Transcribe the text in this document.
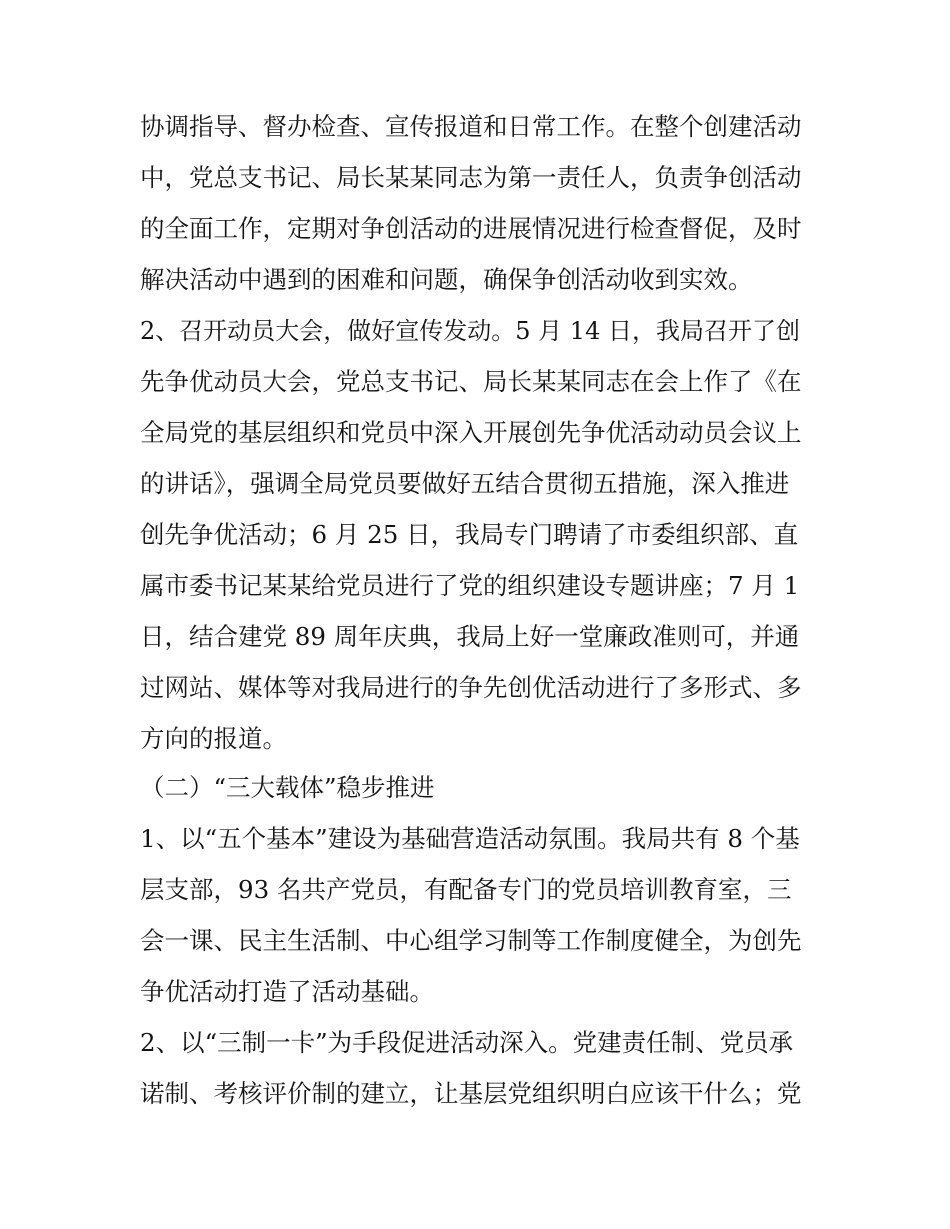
协调指导、督办检查、宣传报道和日常工作。在整个创建活动

中，党总支书记、局长某某同志为第一责任人，负责争创活动

的全面工作，定期对争创活动的进展情况进行检查督促，及时

解决活动中遇到的困难和问题，确保争创活动收到实效。

2、召开动员大会，做好宣传发动。5 月 14 日，我局召开了创

先争优动员大会，党总支书记、局长某某同志在会上作了《在

全局党的基层组织和党员中深入开展创先争优活动动员会议上

的讲话》，强调全局党员要做好五结合贯彻五措施，深入推进

创先争优活动；6 月 25 日，我局专门聘请了市委组织部、直

属市委书记某某给党员进行了党的组织建设专题讲座；7 月 1

日，结合建党 89 周年庆典，我局上好一堂廉政准则可，并通

过网站、媒体等对我局进行的争先创优活动进行了多形式、多

方向的报道。

（二）“三大载体”稳步推进

1、以“五个基本”建设为基础营造活动氛围。我局共有 8 个基

层支部，93 名共产党员，有配备专门的党员培训教育室，三

会一课、民主生活制、中心组学习制等工作制度健全，为创先

争优活动打造了活动基础。

2、以“三制一卡”为手段促进活动深入。党建责任制、党员承

诺制、考核评价制的建立，让基层党组织明白应该干什么；党
